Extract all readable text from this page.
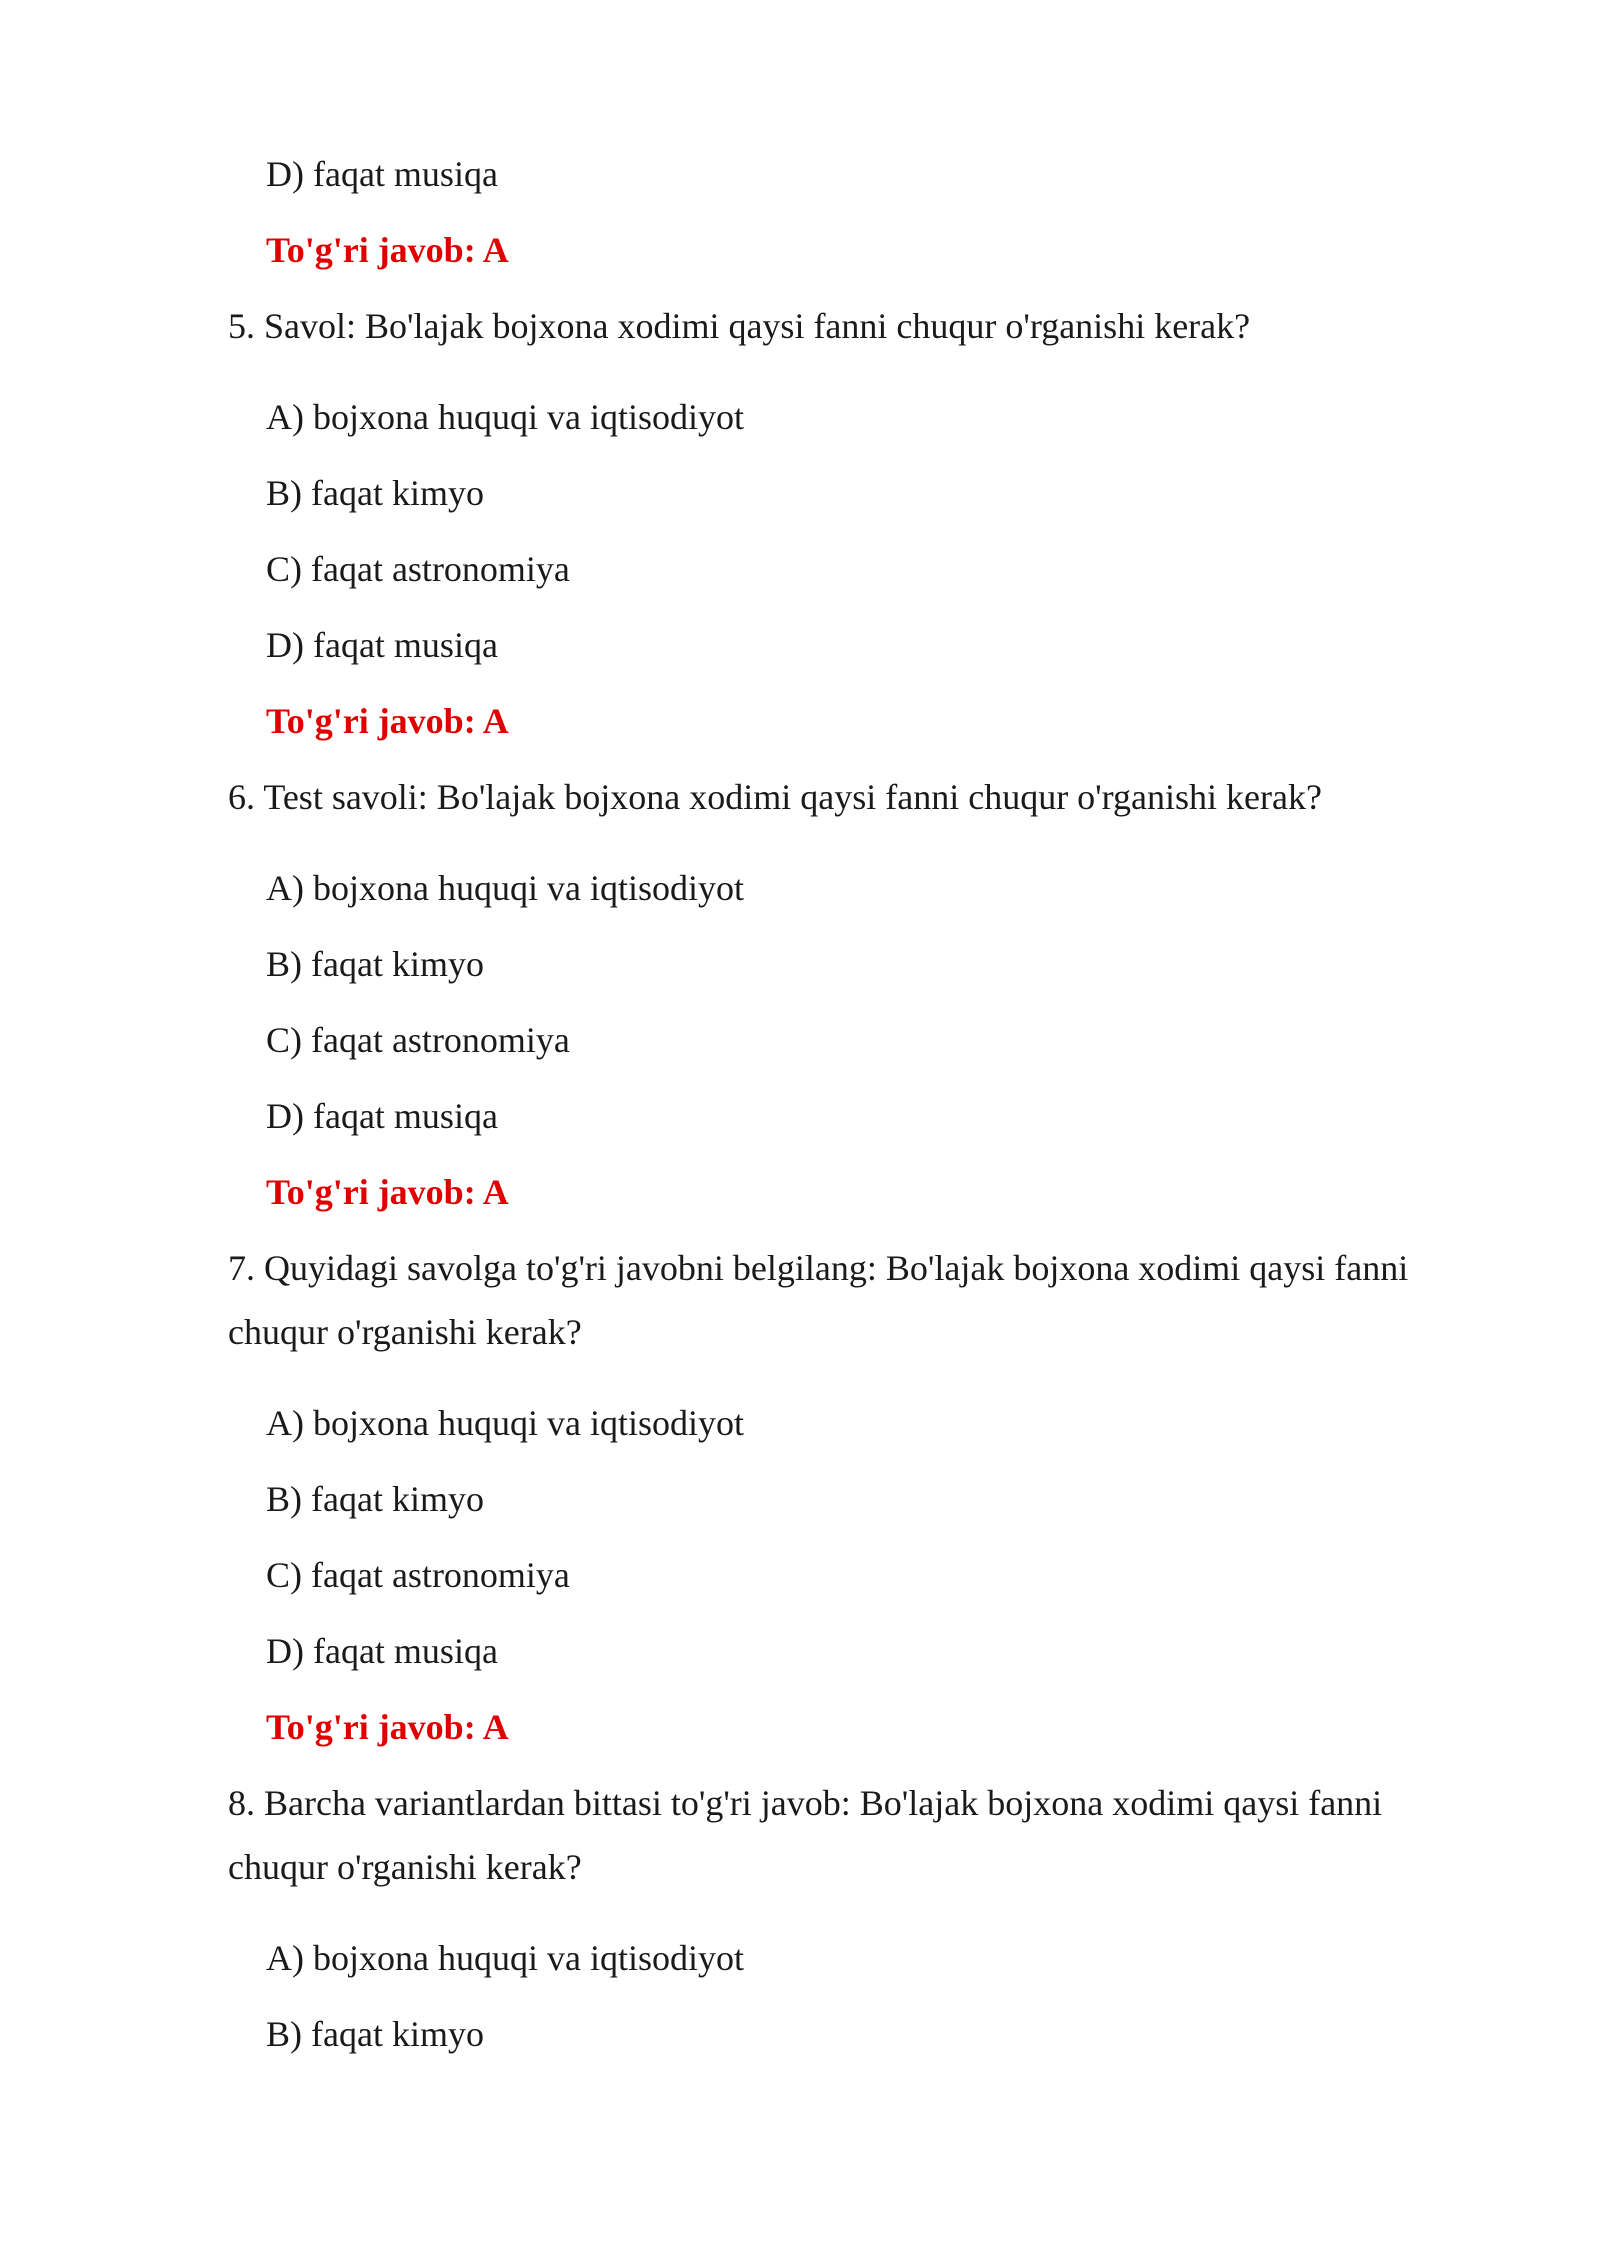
D) faqat musiqa

To'g'ri javob: A

5. Savol: Bo'lajak bojxona xodimi qaysi fanni chuqur o'rganishi kerak?

A) bojxona huquqi va iqtisodiyot

B) faqat kimyo

C) faqat astronomiya

D) faqat musiqa

To'g'ri javob: A

6. Test savoli: Bo'lajak bojxona xodimi qaysi fanni chuqur o'rganishi kerak?

A) bojxona huquqi va iqtisodiyot

B) faqat kimyo

C) faqat astronomiya

D) faqat musiqa

To'g'ri javob: A

7. Quyidagi savolga to'g'ri javobni belgilang: Bo'lajak bojxona xodimi qaysi fanni

chuqur o'rganishi kerak?

A) bojxona huquqi va iqtisodiyot

B) faqat kimyo

C) faqat astronomiya

D) faqat musiqa

To'g'ri javob: A

8. Barcha variantlardan bittasi to'g'ri javob: Bo'lajak bojxona xodimi qaysi fanni

chuqur o'rganishi kerak?

A) bojxona huquqi va iqtisodiyot

B) faqat kimyo
